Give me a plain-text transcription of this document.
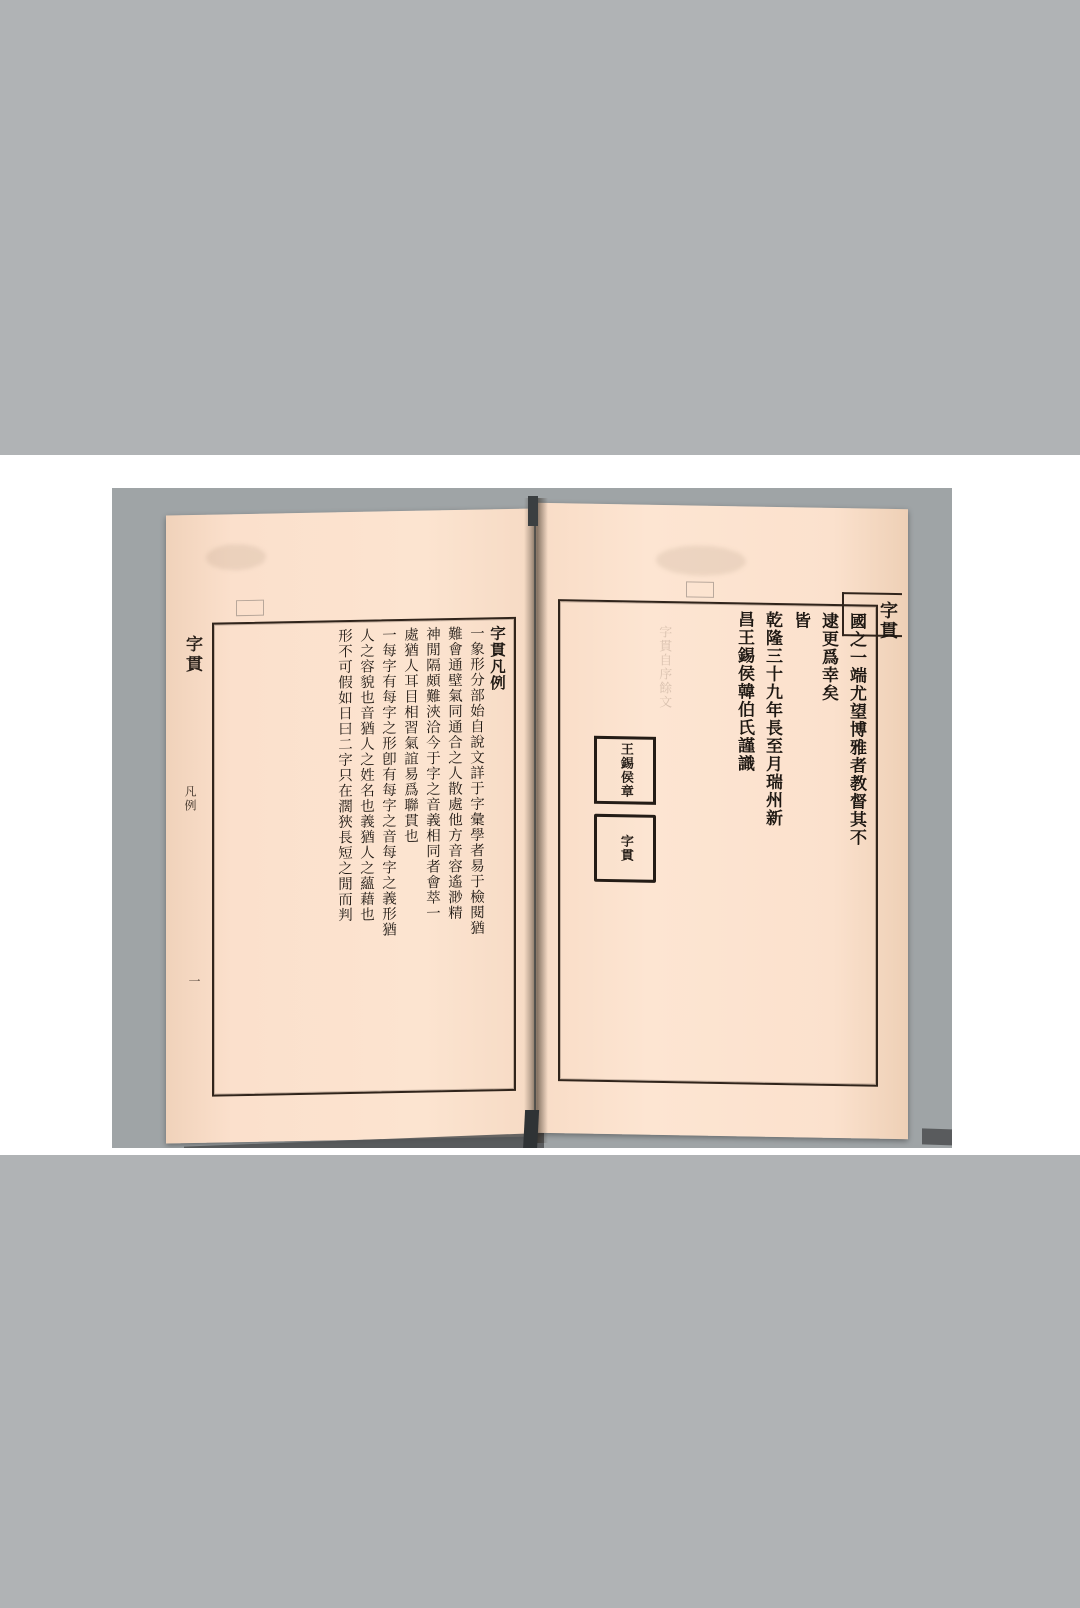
字貫
凡例
一
字貫凡例
一象形分部始自說文詳于字彙學者易于檢閱猶
難會通壁氣同通合之人散處他方音容遙渺精
神閒隔頗難浹洽今于字之音義相同者會萃一
處猶人耳目相習氣誼易爲聯貫也
一每字有每字之形卽有每字之音每字之義形猶
人之容貌也音猶人之姓名也義猶人之蘊藉也
形不可假如日曰二字只在濶狹長短之閒而判	字貫自序餘文
字貫
國之一端尤望博雅者教督其不
逮更爲幸矣
皆
乾隆三十九年長至月瑞州新
昌王錫侯韓伯氏謹識
王錫侯章
字貫
